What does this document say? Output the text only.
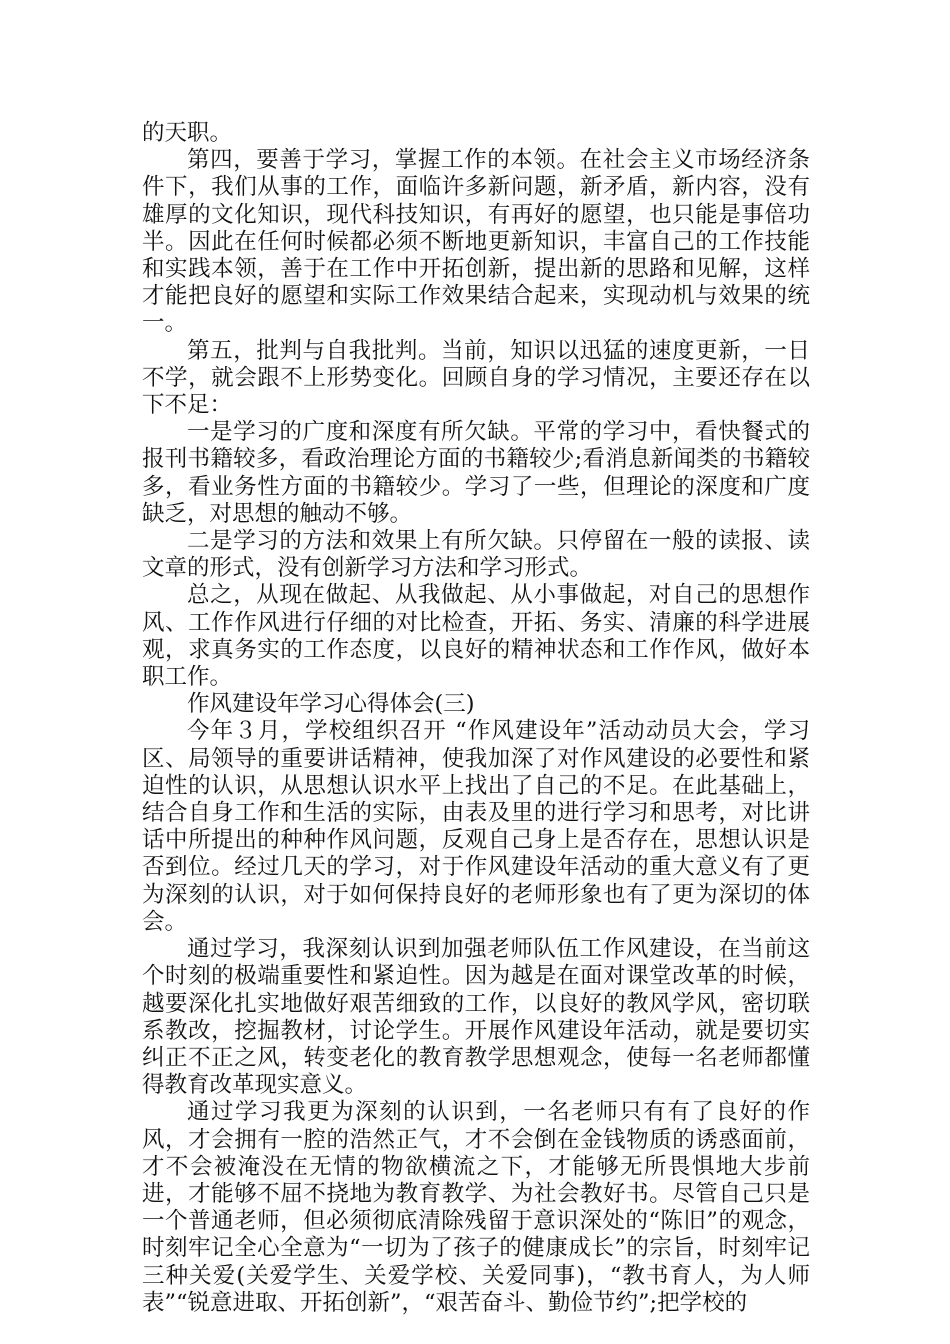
的天职。

第四，要善于学习，掌握工作的本领。在社会主义市场经济条件下，我们从事的工作，面临许多新问题，新矛盾，新内容，没有雄厚的文化知识，现代科技知识，有再好的愿望，也只能是事倍功半。因此在任何时候都必须不断地更新知识，丰富自己的工作技能和实践本领，善于在工作中开拓创新，提出新的思路和见解，这样才能把良好的愿望和实际工作效果结合起来，实现动机与效果的统一。

第五，批判与自我批判。当前，知识以迅猛的速度更新，一日不学，就会跟不上形势变化。回顾自身的学习情况，主要还存在以下不足：

一是学习的广度和深度有所欠缺。平常的学习中，看快餐式的报刊书籍较多，看政治理论方面的书籍较少;看消息新闻类的书籍较多，看业务性方面的书籍较少。学习了一些，但理论的深度和广度缺乏，对思想的触动不够。

二是学习的方法和效果上有所欠缺。只停留在一般的读报、读文章的形式，没有创新学习方法和学习形式。

总之，从现在做起、从我做起、从小事做起，对自己的思想作风、工作作风进行仔细的对比检查，开拓、务实、清廉的科学进展观，求真务实的工作态度，以良好的精神状态和工作作风，做好本职工作。

作风建设年学习心得体会(三)

今年３月，学校组织召开 “作风建设年”活动动员大会，学习区、局领导的重要讲话精神，使我加深了对作风建设的必要性和紧迫性的认识，从思想认识水平上找出了自己的不足。在此基础上，结合自身工作和生活的实际，由表及里的进行学习和思考，对比讲话中所提出的种种作风问题，反观自己身上是否存在，思想认识是否到位。经过几天的学习，对于作风建设年活动的重大意义有了更为深刻的认识，对于如何保持良好的老师形象也有了更为深切的体会。

通过学习，我深刻认识到加强老师队伍工作风建设，在当前这个时刻的极端重要性和紧迫性。因为越是在面对课堂改革的时候，越要深化扎实地做好艰苦细致的工作，以良好的教风学风，密切联系教改，挖掘教材，讨论学生。开展作风建设年活动，就是要切实纠正不正之风，转变老化的教育教学思想观念，使每一名老师都懂得教育改革现实意义。

通过学习我更为深刻的认识到，一名老师只有有了良好的作风，才会拥有一腔的浩然正气，才不会倒在金钱物质的诱惑面前，才不会被淹没在无情的物欲横流之下，才能够无所畏惧地大步前进，才能够不屈不挠地为教育教学、为社会教好书。尽管自己只是一个普通老师，但必须彻底清除残留于意识深处的“陈旧”的观念，时刻牢记全心全意为“一切为了孩子的健康成长”的宗旨，时刻牢记三种关爱(关爱学生、关爱学校、关爱同事)，“教书育人，为人师表”“锐意进取、开拓创新”，“艰苦奋斗、勤俭节约”;把学校的
